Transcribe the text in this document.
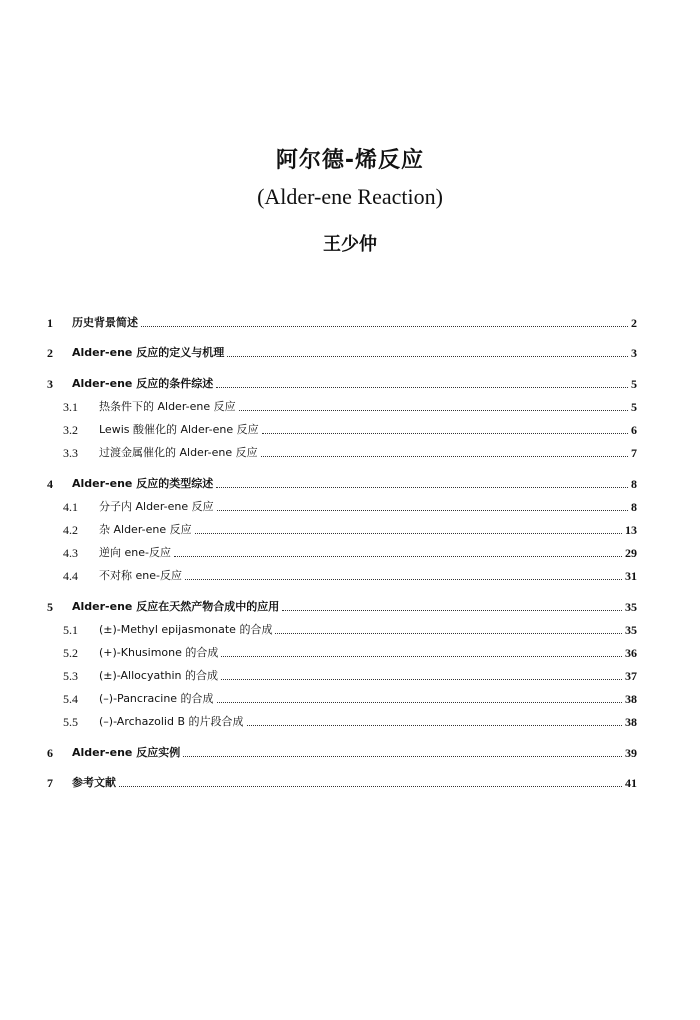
阿尔德-烯反应
(Alder-ene Reaction)
王少仲
1	历史背景简述	2
2	Alder-ene 反应的定义与机理	3
3	Alder-ene 反应的条件综述	5
3.1	热条件下的 Alder-ene 反应	5
3.2	Lewis 酸催化的 Alder-ene 反应	6
3.3	过渡金属催化的 Alder-ene 反应	7
4	Alder-ene 反应的类型综述	8
4.1	分子内 Alder-ene 反应	8
4.2	杂 Alder-ene 反应	13
4.3	逆向 ene-反应	29
4.4	不对称 ene-反应	31
5	Alder-ene 反应在天然产物合成中的应用	35
5.1	(±)-Methyl epijasmonate 的合成	35
5.2	(+)-Khusimone 的合成	36
5.3	(±)-Allocyathin 的合成	37
5.4	(–)-Pancracine 的合成	38
5.5	(–)-Archazolid B 的片段合成	38
6	Alder-ene 反应实例	39
7	参考文献	41
